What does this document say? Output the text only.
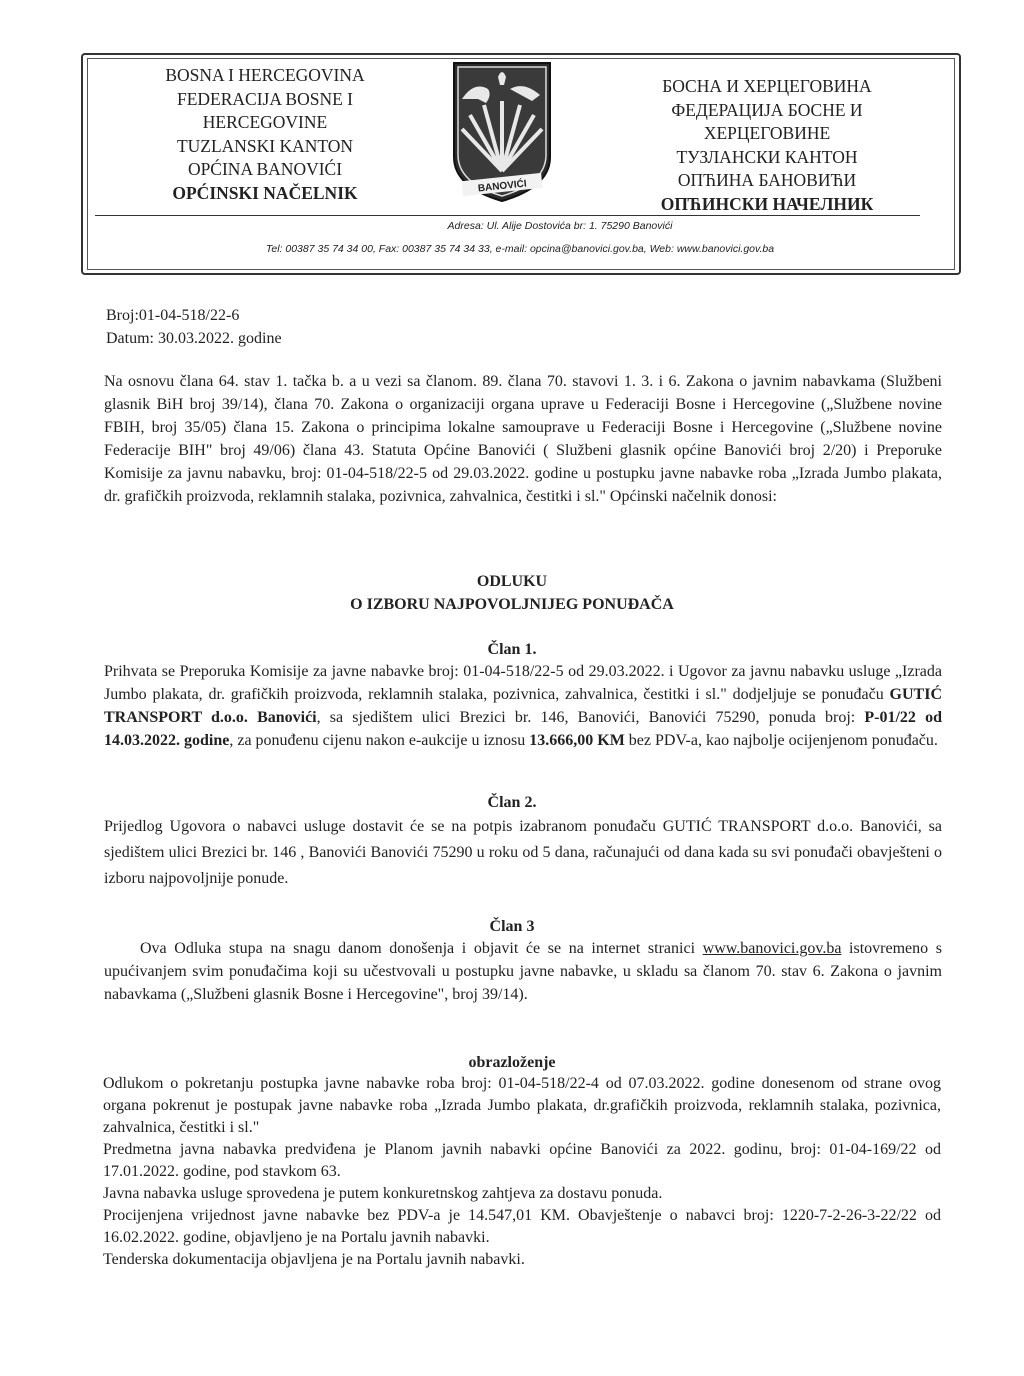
BOSNA I HERCEGOVINA
FEDERACIJA BOSNE I
HERCEGOVINE
TUZLANSKI KANTON
OPĆINA BANOVIĆI
OPĆINSKI NAČELNIK	BANOVIĆI
БОСНА И ХЕРЦЕГОВИНА
ФЕДЕРАЦИЈА БОСНЕ И
ХЕРЦЕГОВИНЕ
ТУЗЛАНСКИ КАНТОН
ОПЋИНА БАНОВИЋИ
ОПЋИНСКИ НАЧЕЛНИК
Adresa: Ul. Alije Dostovića br: 1. 75290 Banovići
Tel: 00387 35 74 34 00, Fax: 00387 35 74 34 33, e-mail: opcina@banovici.gov.ba, Web: www.banovici.gov.ba
Broj:01-04-518/22-6
Datum: 30.03.2022. godine
Na osnovu člana 64. stav 1. tačka b. a u vezi sa članom. 89. člana 70. stavovi 1. 3. i 6. Zakona o javnim nabavkama (Službeni glasnik BiH broj 39/14), člana 70. Zakona o organizaciji organa uprave u Federaciji Bosne i Hercegovine („Službene novine FBIH, broj 35/05) člana 15. Zakona o principima lokalne samouprave u Federaciji Bosne i Hercegovine („Službene novine Federacije BIH" broj 49/06) člana 43. Statuta Općine Banovići ( Službeni glasnik općine Banovići broj 2/20) i Preporuke Komisije za javnu nabavku, broj: 01-04-518/22-5 od 29.03.2022. godine u postupku javne nabavke roba „Izrada Jumbo plakata, dr. grafičkih proizvoda, reklamnih stalaka, pozivnica, zahvalnica, čestitki i sl." Općinski načelnik donosi:
ODLUKU
O IZBORU NAJPOVOLJNIJEG PONUĐAČA
Član 1.
Prihvata se Preporuka Komisije za javne nabavke broj: 01-04-518/22-5 od 29.03.2022. i Ugovor za javnu nabavku usluge „Izrada Jumbo plakata, dr. grafičkih proizvoda, reklamnih stalaka, pozivnica, zahvalnica, čestitki i sl." dodjeljuje se ponuđaču GUTIĆ TRANSPORT d.o.o. Banovići, sa sjedištem ulici Brezici br. 146, Banovići, Banovići 75290, ponuda broj: P-01/22 od 14.03.2022. godine, za ponuđenu cijenu nakon e-aukcije u iznosu 13.666,00 KM bez PDV-a, kao najbolje ocijenjenom ponuđaču.
Član 2.
Prijedlog Ugovora o nabavci usluge dostavit će se na potpis izabranom ponuđaču GUTIĆ TRANSPORT d.o.o. Banovići, sa sjedištem ulici Brezici br. 146 , Banovići Banovići 75290 u roku od 5 dana, računajući od dana kada su svi ponuđači obavješteni o izboru najpovoljnije ponude.
Član 3
Ova Odluka stupa na snagu danom donošenja i objavit će se na internet stranici www.banovici.gov.ba istovremeno s upućivanjem svim ponuđačima koji su učestvovali u postupku javne nabavke, u skladu sa članom 70. stav 6. Zakona o javnim nabavkama („Službeni glasnik Bosne i Hercegovine", broj 39/14).
obrazloženje
Odlukom o pokretanju postupka javne nabavke roba broj: 01-04-518/22-4 od 07.03.2022. godine donesenom od strane ovog organa pokrenut je postupak javne nabavke roba „Izrada Jumbo plakata, dr.grafičkih proizvoda, reklamnih stalaka, pozivnica, zahvalnica, čestitki i sl."
Predmetna javna nabavka predviđena je Planom javnih nabavki općine Banovići za 2022. godinu, broj: 01-04-169/22 od 17.01.2022. godine, pod stavkom 63.
Javna nabavka usluge sprovedena je putem konkuretnskog zahtjeva za dostavu ponuda.
Procijenjena vrijednost javne nabavke bez PDV-a je 14.547,01 KM. Obavještenje o nabavci broj: 1220-7-2-26-3-22/22 od 16.02.2022. godine, objavljeno je na Portalu javnih nabavki.
Tenderska dokumentacija objavljena je na Portalu javnih nabavki.
